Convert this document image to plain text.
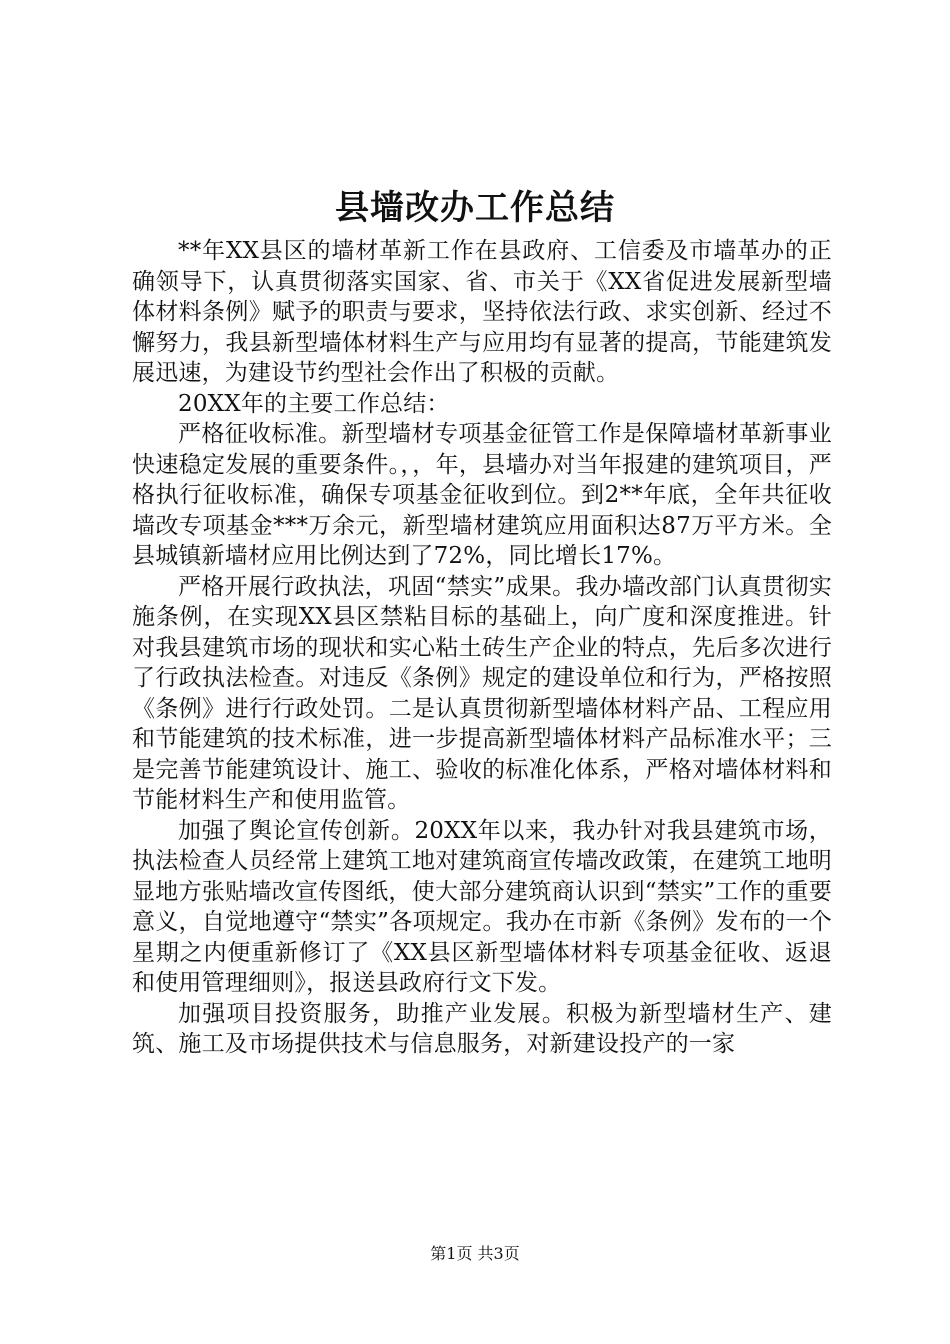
县墙改办工作总结

**年XX县区的墙材革新工作在县政府、工信委及市墙革办的正确领导下，认真贯彻落实国家、省、市关于《XX省促进发展新型墙体材料条例》赋予的职责与要求，坚持依法行政、求实创新、经过不懈努力，我县新型墙体材料生产与应用均有显著的提高，节能建筑发展迅速，为建设节约型社会作出了积极的贡献。

20XX年的主要工作总结：

严格征收标准。新型墙材专项基金征管工作是保障墙材革新事业快速稳定发展的重要条件。，，年，县墙办对当年报建的建筑项目，严格执行征收标准，确保专项基金征收到位。到2**年底，全年共征收墙改专项基金***万余元，新型墙材建筑应用面积达87万平方米。全县城镇新墙材应用比例达到了72%，同比增长17%。

严格开展行政执法，巩固“禁实”成果。我办墙改部门认真贯彻实施条例，在实现XX县区禁粘目标的基础上，向广度和深度推进。针对我县建筑市场的现状和实心粘土砖生产企业的特点，先后多次进行了行政执法检查。对违反《条例》规定的建设单位和行为，严格按照《条例》进行行政处罚。二是认真贯彻新型墙体材料产品、工程应用和节能建筑的技术标准，进一步提高新型墙体材料产品标准水平；三是完善节能建筑设计、施工、验收的标准化体系，严格对墙体材料和节能材料生产和使用监管。

加强了舆论宣传创新。20XX年以来，我办针对我县建筑市场，执法检查人员经常上建筑工地对建筑商宣传墙改政策，在建筑工地明显地方张贴墙改宣传图纸，使大部分建筑商认识到“禁实”工作的重要意义，自觉地遵守“禁实”各项规定。我办在市新《条例》发布的一个星期之内便重新修订了《XX县区新型墙体材料专项基金征收、返退和使用管理细则》，报送县政府行文下发。

加强项目投资服务，助推产业发展。积极为新型墙材生产、建筑、施工及市场提供技术与信息服务，对新建设投产的一家

第1页 共3页
